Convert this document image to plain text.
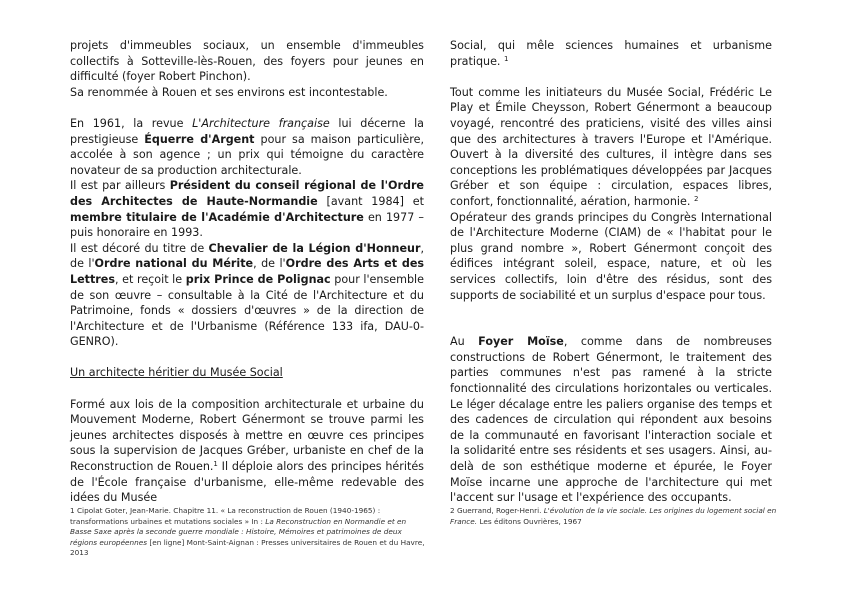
projets d'immeubles sociaux, un ensemble d'immeubles collectifs à Sotteville-lès-Rouen, des foyers pour jeunes en difficulté (foyer Robert Pinchon).

Sa renommée à Rouen et ses environs est incontestable.

En 1961, la revue L'Architecture française lui décerne la prestigieuse Équerre d'Argent pour sa maison particulière, accolée à son agence ; un prix qui témoigne du caractère novateur de sa production architecturale.

Il est par ailleurs Président du conseil régional de l'Ordre des Architectes de Haute-Normandie [avant 1984] et membre titulaire de l'Académie d'Architecture en 1977 – puis honoraire en 1993.

Il est décoré du titre de Chevalier de la Légion d'Honneur, de l'Ordre national du Mérite, de l'Ordre des Arts et des Lettres, et reçoit le prix Prince de Polignac pour l'ensemble de son œuvre – consultable à la Cité de l'Architecture et du Patrimoine, fonds « dossiers d'œuvres » de la direction de l'Architecture et de l'Urbanisme (Référence 133 ifa, DAU-0-GENRO).

Un architecte héritier du Musée Social

Formé aux lois de la composition architecturale et urbaine du Mouvement Moderne, Robert Génermont se trouve parmi les jeunes architectes disposés à mettre en œuvre ces principes sous la supervision de Jacques Gréber, urbaniste en chef de la Reconstruction de Rouen.$^1$ Il déploie alors des principes hérités de l'École française d'urbanisme, elle-même redevable des idées du Musée

Social, qui mêle sciences humaines et urbanisme pratique. $^1$

Tout comme les initiateurs du Musée Social, Frédéric Le Play et Émile Cheysson, Robert Génermont a beaucoup voyagé, rencontré des praticiens, visité des villes ainsi que des architectures à travers l'Europe et l'Amérique. Ouvert à la diversité des cultures, il intègre dans ses conceptions les problématiques développées par Jacques Gréber et son équipe : circulation, espaces libres, confort, fonctionnalité, aération, harmonie. $^2$

Opérateur des grands principes du Congrès International de l'Architecture Moderne (CIAM) de « l'habitat pour le plus grand nombre », Robert Génermont conçoit des édifices intégrant soleil, espace, nature, et où les services collectifs, loin d'être des résidus, sont des supports de sociabilité et un surplus d'espace pour tous.

Au Foyer Moïse, comme dans de nombreuses constructions de Robert Génermont, le traitement des parties communes n'est pas ramené à la stricte fonctionnalité des circulations horizontales ou verticales. Le léger décalage entre les paliers organise des temps et des cadences de circulation qui répondent aux besoins de la communauté en favorisant l'interaction sociale et la solidarité entre ses résidents et ses usagers. Ainsi, au-delà de son esthétique moderne et épurée, le Foyer Moïse incarne une approche de l'architecture qui met l'accent sur l'usage et l'expérience des occupants.

1 Cipolat Goter, Jean-Marie. Chapitre 11. « La reconstruction de Rouen (1940-1965) : transformations urbaines et mutations sociales » In : La Reconstruction en Normandie et en Basse Saxe après la seconde guerre mondiale : Histoire, Mémoires et patrimoines de deux régions européennes [en ligne] Mont-Saint-Aignan : Presses universitaires de Rouen et du Havre, 2013
2 Guerrand, Roger-Henri. L'évolution de la vie sociale. Les origines du logement social en France. Les éditons Ouvrières, 1967
